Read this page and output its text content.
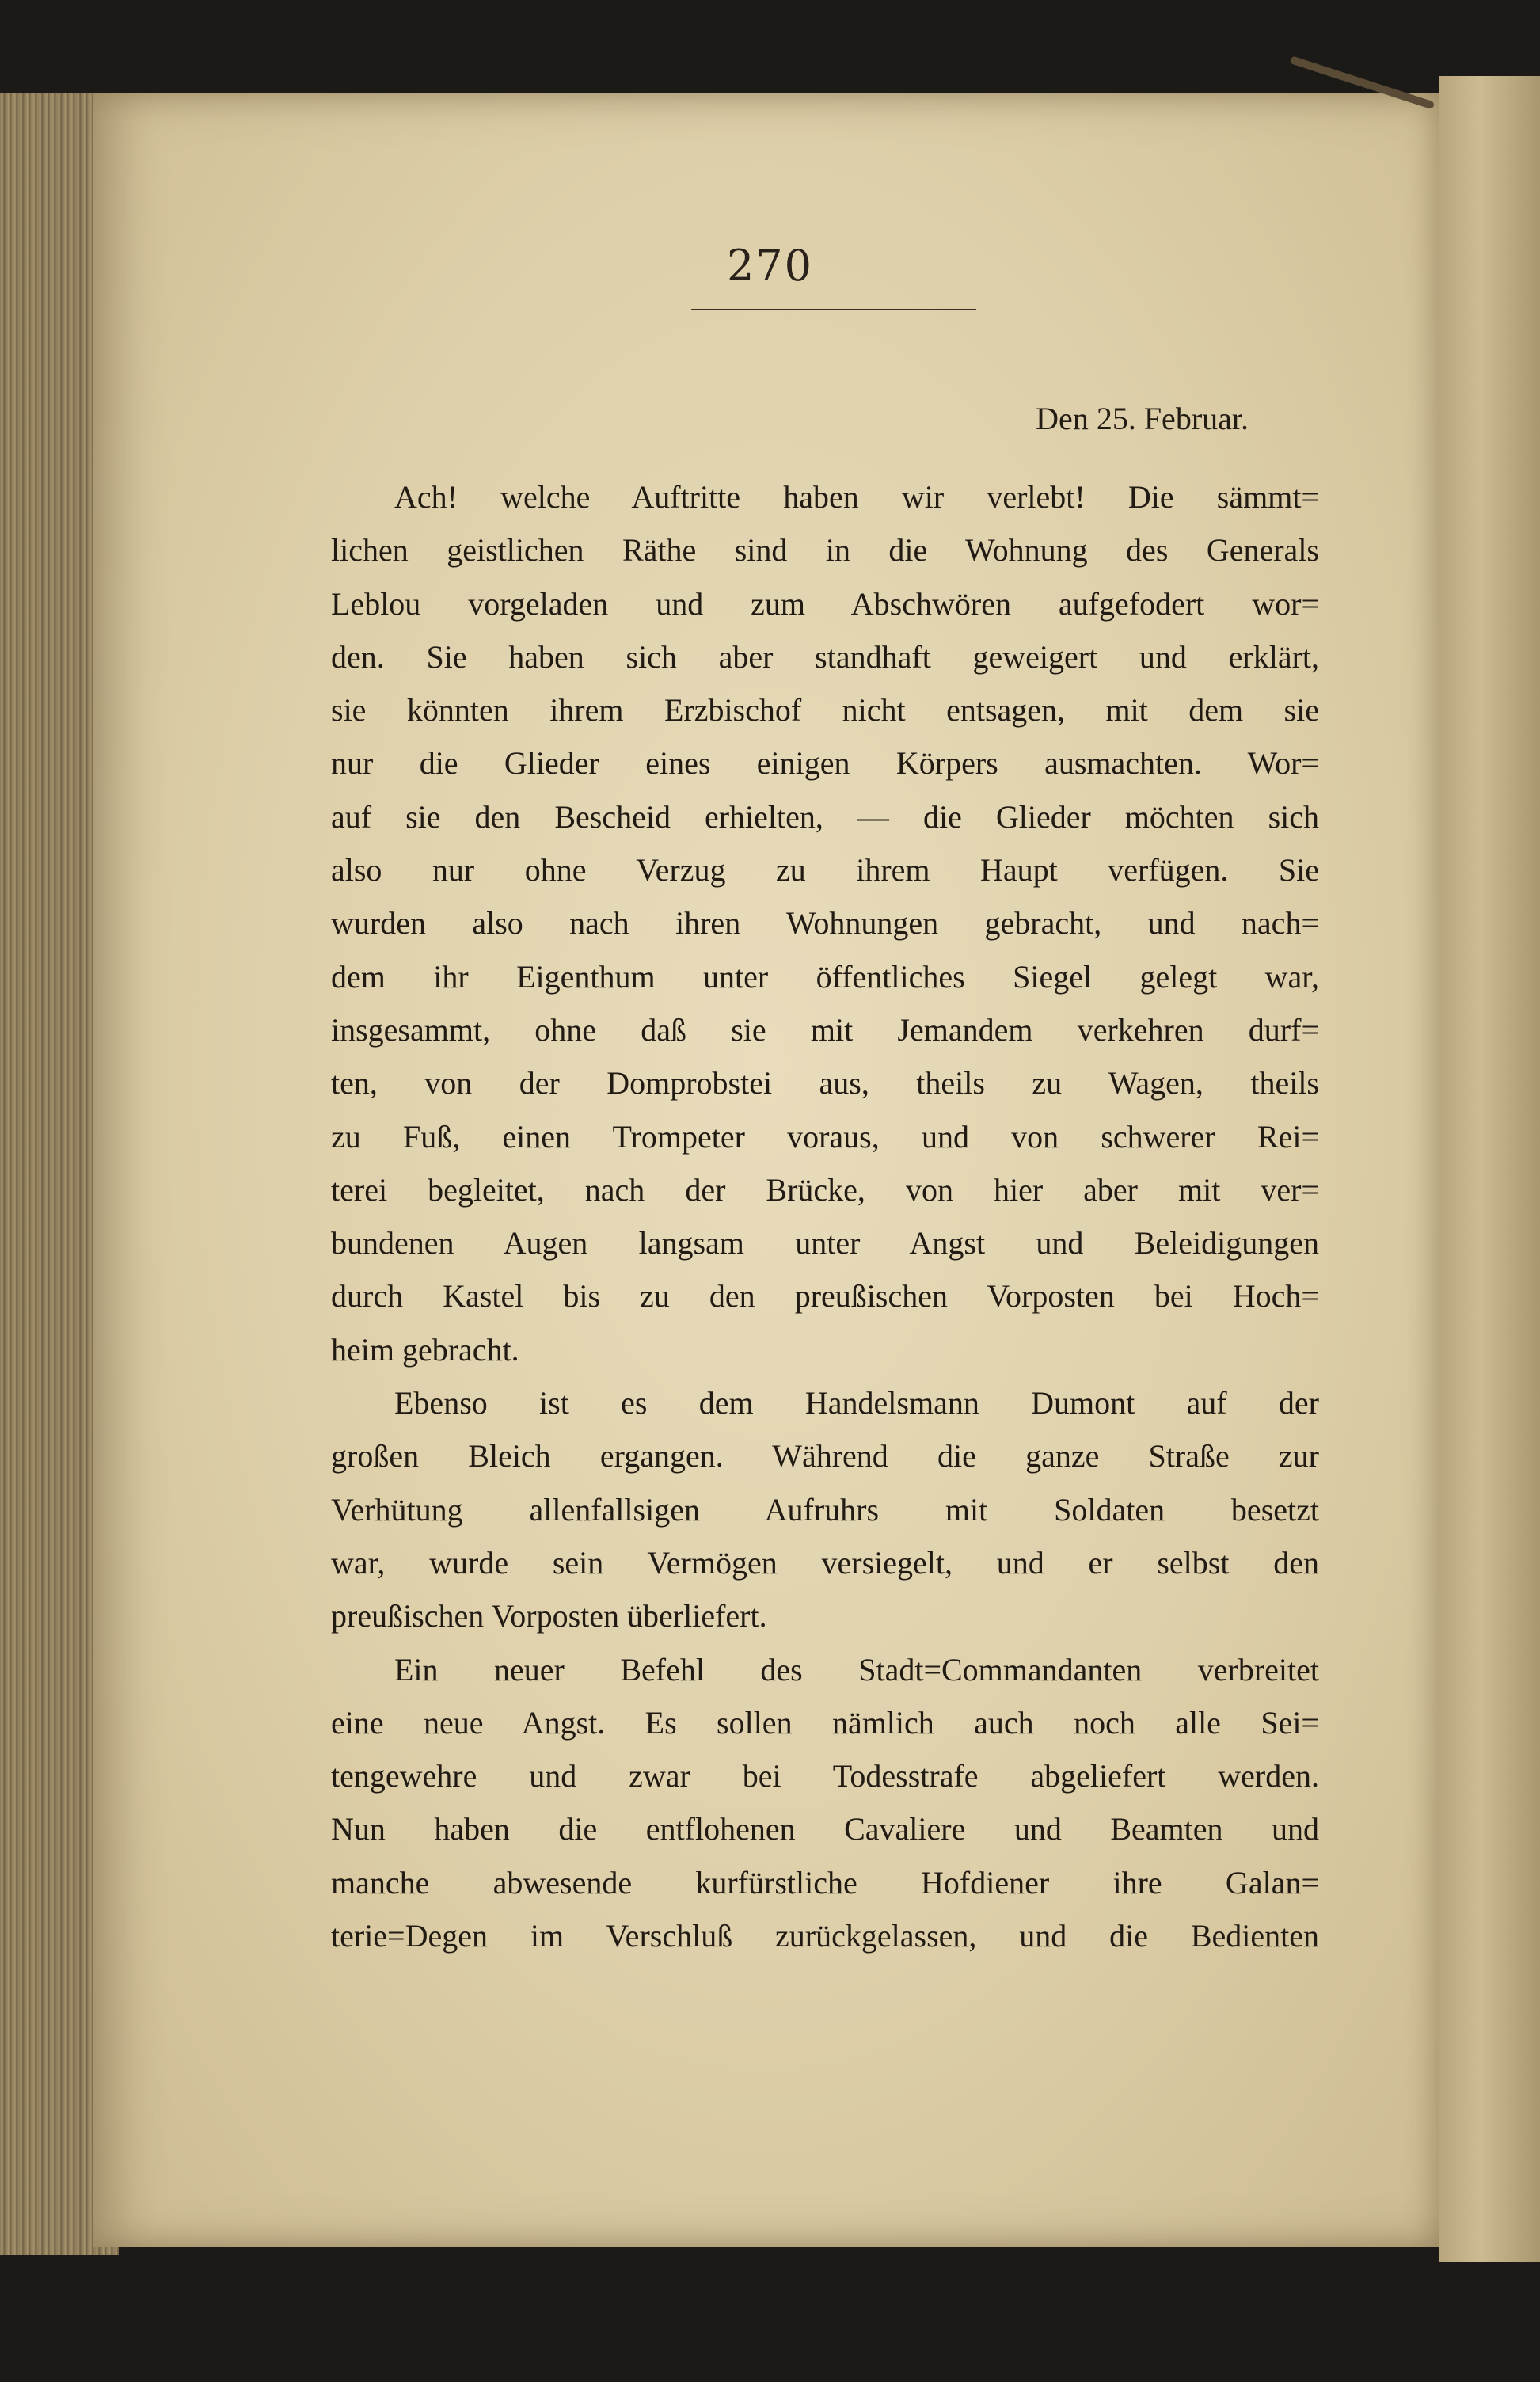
270
Den 25. Februar.
Ach! welche Auftritte haben wir verlebt! Die sämmt=
lichen geistlichen Räthe sind in die Wohnung des Generals
Leblou vorgeladen und zum Abschwören aufgefodert wor=
den. Sie haben sich aber standhaft geweigert und erklärt,
sie könnten ihrem Erzbischof nicht entsagen, mit dem sie
nur die Glieder eines einigen Körpers ausmachten. Wor=
auf sie den Bescheid erhielten, — die Glieder möchten sich
also nur ohne Verzug zu ihrem Haupt verfügen. Sie
wurden also nach ihren Wohnungen gebracht, und nach=
dem ihr Eigenthum unter öffentliches Siegel gelegt war,
insgesammt, ohne daß sie mit Jemandem verkehren durf=
ten, von der Domprobstei aus, theils zu Wagen, theils
zu Fuß, einen Trompeter voraus, und von schwerer Rei=
terei begleitet, nach der Brücke, von hier aber mit ver=
bundenen Augen langsam unter Angst und Beleidigungen
durch Kastel bis zu den preußischen Vorposten bei Hoch=
heim gebracht.
Ebenso ist es dem Handelsmann Dumont auf der
großen Bleich ergangen. Während die ganze Straße zur
Verhütung allenfallsigen Aufruhrs mit Soldaten besetzt
war, wurde sein Vermögen versiegelt, und er selbst den
preußischen Vorposten überliefert.
Ein neuer Befehl des Stadt=Commandanten verbreitet
eine neue Angst. Es sollen nämlich auch noch alle Sei=
tengewehre und zwar bei Todesstrafe abgeliefert werden.
Nun haben die entflohenen Cavaliere und Beamten und
manche abwesende kurfürstliche Hofdiener ihre Galan=
terie=Degen im Verschluß zurückgelassen, und die Bedienten
